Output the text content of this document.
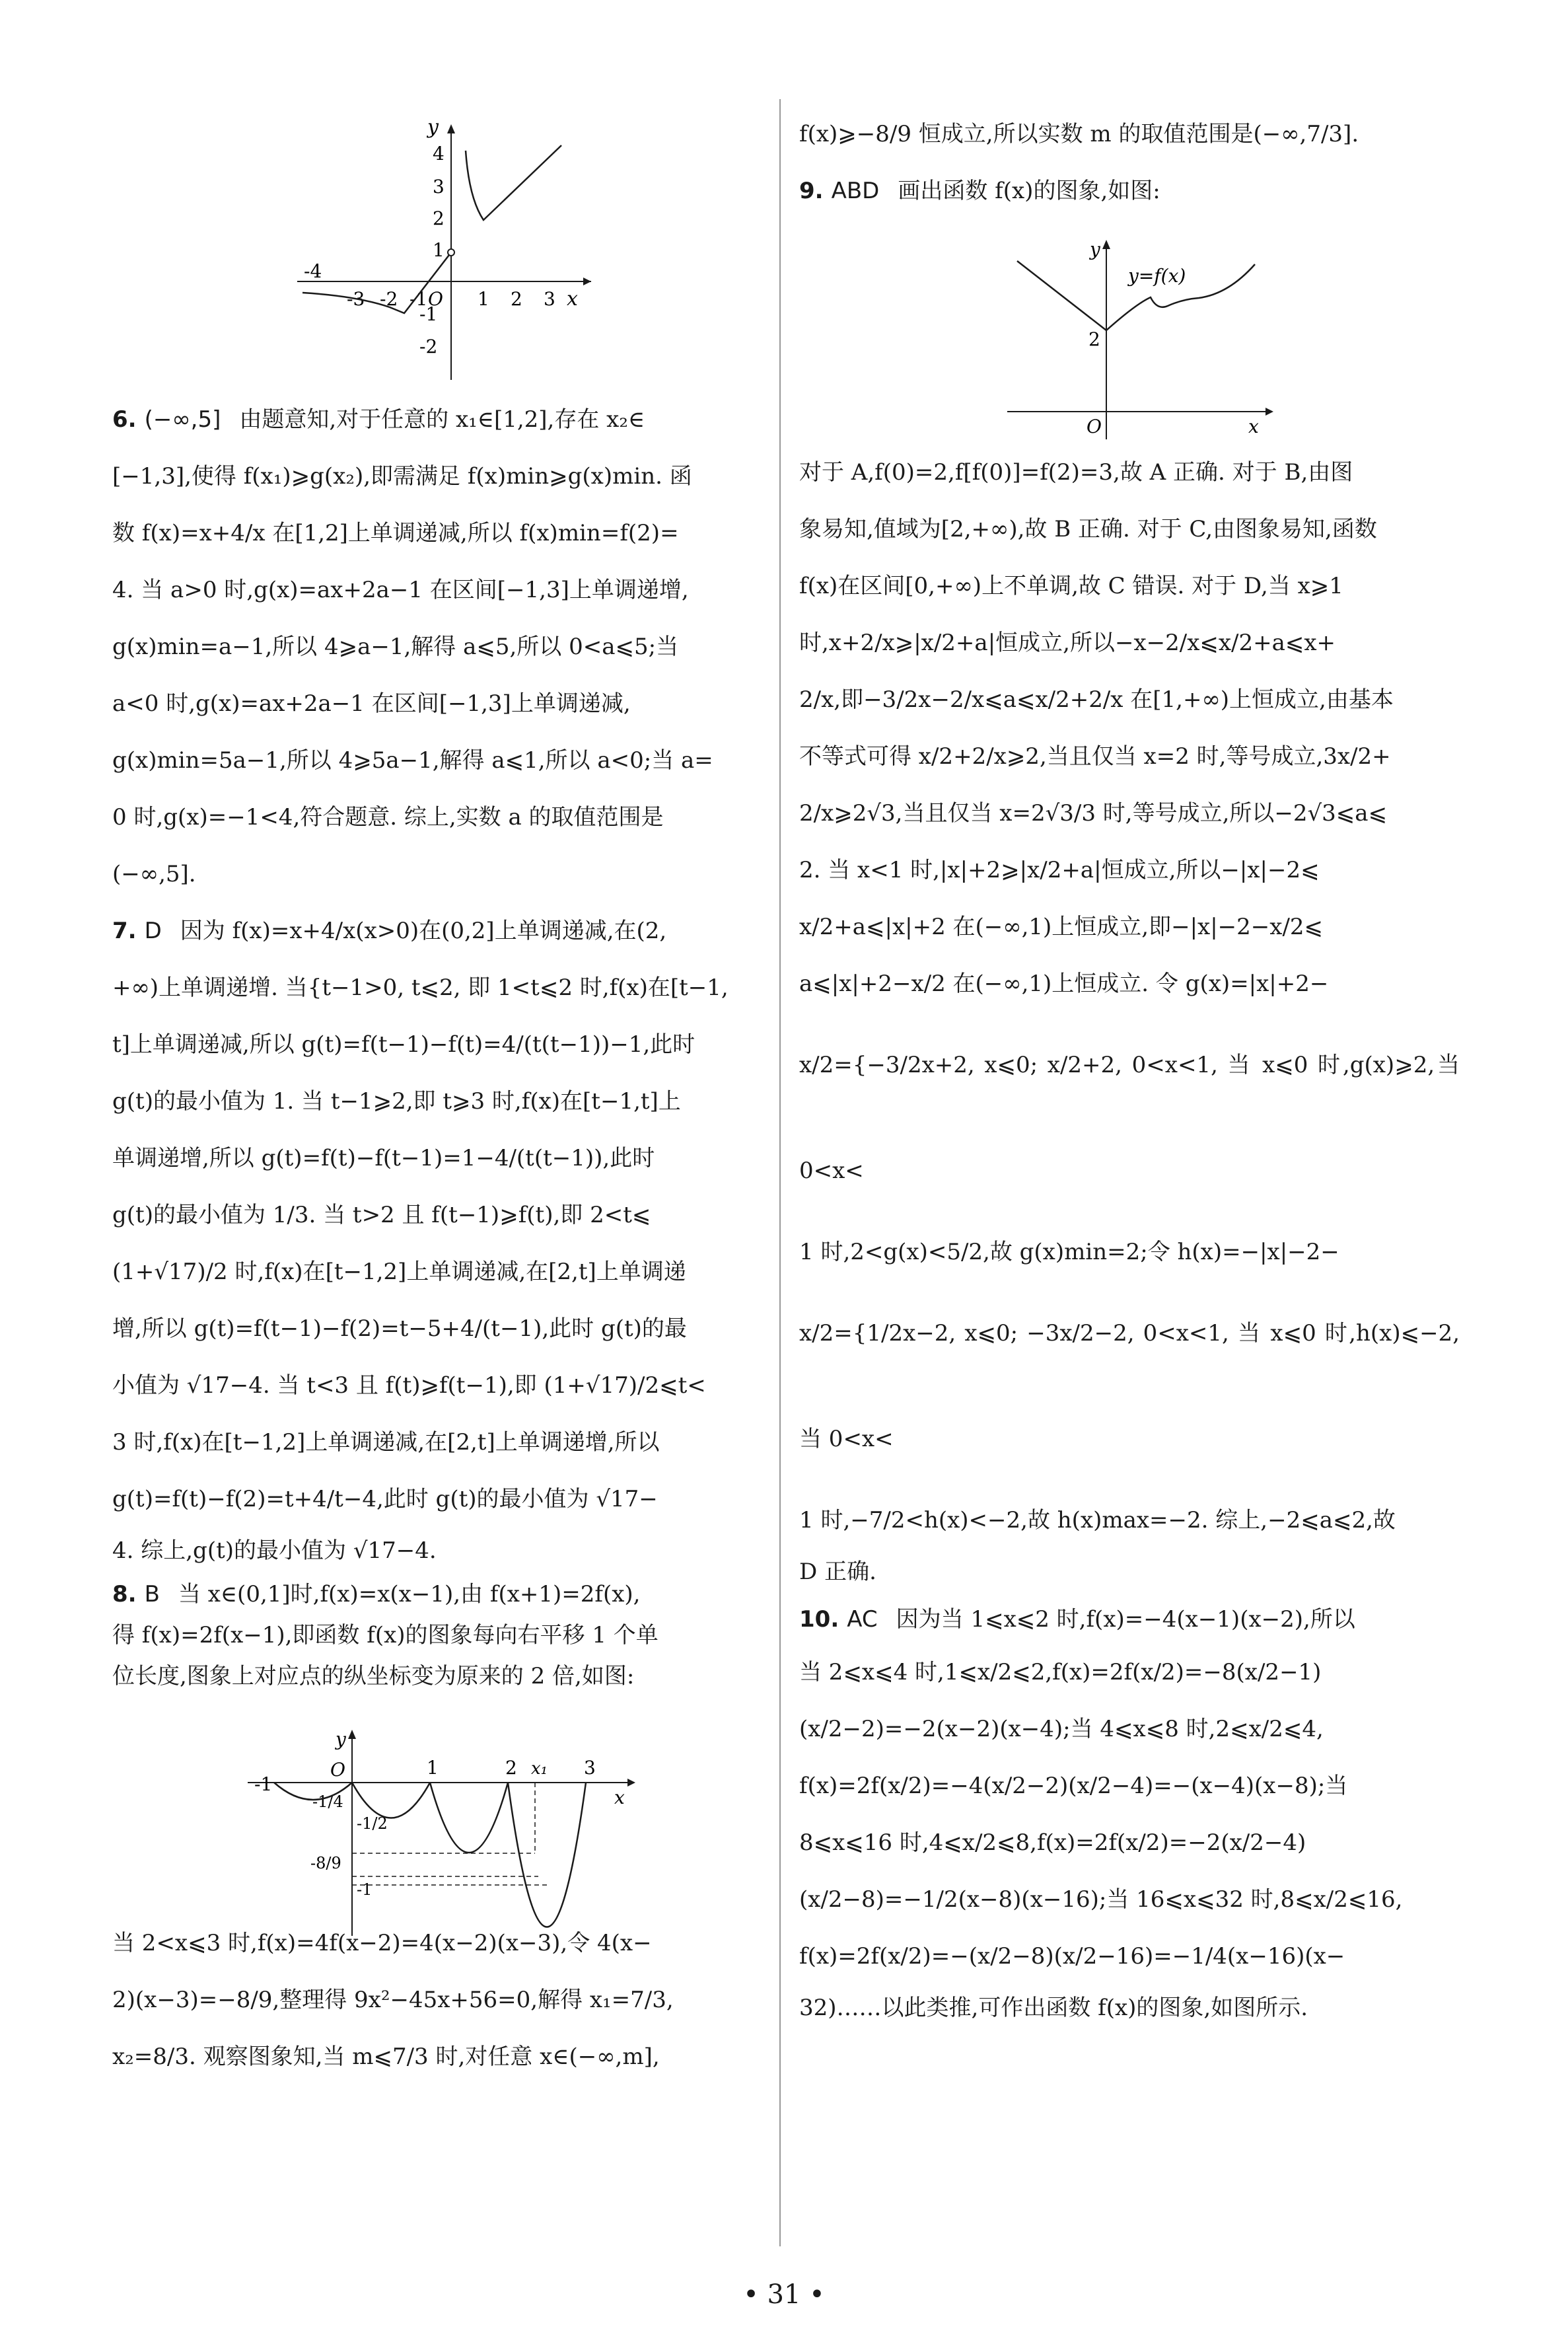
y
x
O
4
3
2
1
-1
-2
-4
-3 -2 -1	1 2 3

6. (−∞,5] 由题意知,对于任意的 x₁∈[1,2],存在 x₂∈

[−1,3],使得 f(x₁)⩾g(x₂),即需满足 f(x)min⩾g(x)min. 函

数 f(x)=x+4/x 在[1,2]上单调递减,所以 f(x)min=f(2)=

4. 当 a>0 时,g(x)=ax+2a−1 在区间[−1,3]上单调递增,

g(x)min=a−1,所以 4⩾a−1,解得 a⩽5,所以 0<a⩽5;当

a<0 时,g(x)=ax+2a−1 在区间[−1,3]上单调递减,

g(x)min=5a−1,所以 4⩾5a−1,解得 a⩽1,所以 a<0;当 a=

0 时,g(x)=−1<4,符合题意. 综上,实数 a 的取值范围是

(−∞,5].

7. D 因为 f(x)=x+4/x(x>0)在(0,2]上单调递减,在(2,

+∞)上单调递增. 当{t−1>0, t⩽2, 即 1<t⩽2 时,f(x)在[t−1,

t]上单调递减,所以 g(t)=f(t−1)−f(t)=4/(t(t−1))−1,此时

g(t)的最小值为 1. 当 t−1⩾2,即 t⩾3 时,f(x)在[t−1,t]上

单调递增,所以 g(t)=f(t)−f(t−1)=1−4/(t(t−1)),此时

g(t)的最小值为 1/3. 当 t>2 且 f(t−1)⩾f(t),即 2<t⩽

(1+√17)/2 时,f(x)在[t−1,2]上单调递减,在[2,t]上单调递

增,所以 g(t)=f(t−1)−f(2)=t−5+4/(t−1),此时 g(t)的最

小值为 √17−4. 当 t<3 且 f(t)⩾f(t−1),即 (1+√17)/2⩽t<

3 时,f(x)在[t−1,2]上单调递减,在[2,t]上单调递增,所以

g(t)=f(t)−f(2)=t+4/t−4,此时 g(t)的最小值为 √17−

4. 综上,g(t)的最小值为 √17−4.

8. B 当 x∈(0,1]时,f(x)=x(x−1),由 f(x+1)=2f(x),

得 f(x)=2f(x−1),即函数 f(x)的图象每向右平移 1 个单

位长度,图象上对应点的纵坐标变为原来的 2 倍,如图:

当 2<x⩽3 时,f(x)=4f(x−2)=4(x−2)(x−3),令 4(x−

2)(x−3)=−8/9,整理得 9x²−45x+56=0,解得 x₁=7/3,

x₂=8/3. 观察图象知,当 m⩽7/3 时,对任意 x∈(−∞,m],

y
x
O
-1
1	2 x₁ 3
-1/4
-1/2
-8/9
-1

f(x)⩾−8/9 恒成立,所以实数 m 的取值范围是(−∞,7/3].

9. ABD 画出函数 f(x)的图象,如图:

对于 A,f(0)=2,f[f(0)]=f(2)=3,故 A 正确. 对于 B,由图

象易知,值域为[2,+∞),故 B 正确. 对于 C,由图象易知,函数

f(x)在区间[0,+∞)上不单调,故 C 错误. 对于 D,当 x⩾1

时,x+2/x⩾|x/2+a|恒成立,所以−x−2/x⩽x/2+a⩽x+

2/x,即−3/2x−2/x⩽a⩽x/2+2/x 在[1,+∞)上恒成立,由基本

不等式可得 x/2+2/x⩾2,当且仅当 x=2 时,等号成立,3x/2+

2/x⩾2√3,当且仅当 x=2√3/3 时,等号成立,所以−2√3⩽a⩽

2. 当 x<1 时,|x|+2⩾|x/2+a|恒成立,所以−|x|−2⩽

x/2+a⩽|x|+2 在(−∞,1)上恒成立,即−|x|−2−x/2⩽

a⩽|x|+2−x/2 在(−∞,1)上恒成立. 令 g(x)=|x|+2−

x/2={−3/2x+2, x⩽0; x/2+2, 0<x<1, 当 x⩽0 时,g(x)⩾2,当 0<x<

1 时,2<g(x)<5/2,故 g(x)min=2;令 h(x)=−|x|−2−

x/2={1/2x−2, x⩽0; −3x/2−2, 0<x<1, 当 x⩽0 时,h(x)⩽−2,当 0<x<

1 时,−7/2<h(x)<−2,故 h(x)max=−2. 综上,−2⩽a⩽2,故

D 正确.

10. AC 因为当 1⩽x⩽2 时,f(x)=−4(x−1)(x−2),所以

当 2⩽x⩽4 时,1⩽x/2⩽2,f(x)=2f(x/2)=−8(x/2−1)

(x/2−2)=−2(x−2)(x−4);当 4⩽x⩽8 时,2⩽x/2⩽4,

f(x)=2f(x/2)=−4(x/2−2)(x/2−4)=−(x−4)(x−8);当

8⩽x⩽16 时,4⩽x/2⩽8,f(x)=2f(x/2)=−2(x/2−4)

(x/2−8)=−1/2(x−8)(x−16);当 16⩽x⩽32 时,8⩽x/2⩽16,

f(x)=2f(x/2)=−(x/2−8)(x/2−16)=−1/4(x−16)(x−

32)……以此类推,可作出函数 f(x)的图象,如图所示.

y
x
O
2
y=f(x)
• 31 •
